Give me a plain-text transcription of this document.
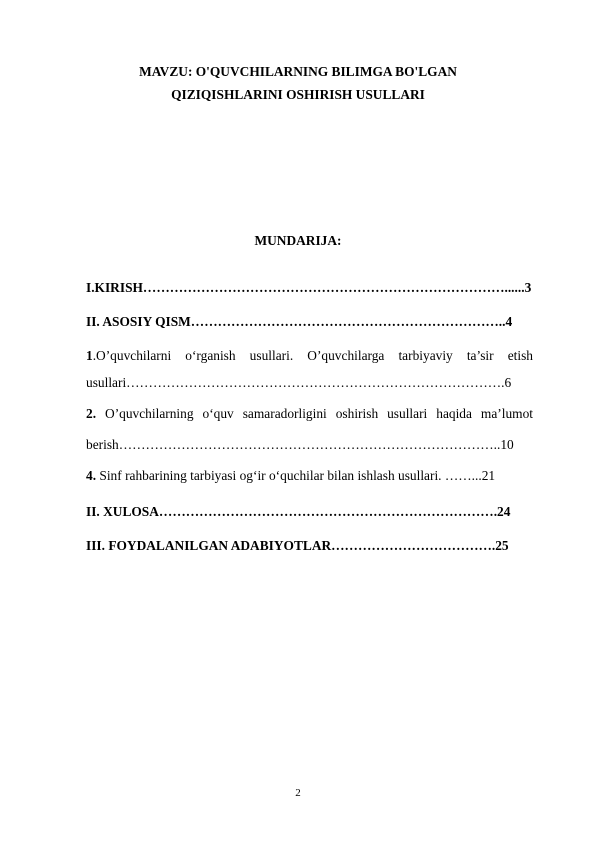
MAVZU: O'QUVCHILARNING BILIMGA BO'LGAN
QIZIQISHLARINI OSHIRISH USULLARI
MUNDARIJA:
I.KIRISH………………………………………………………………………......3
II. ASOSIY QISM……………………………………………………………..4
1.O’quvchilarni o‘rganish usullari. O’quvchilarga tarbiyaviy ta’sir etish
usullari………………………………………………………………………….6
2. O’quvchilarning o‘quv samaradorligini oshirish usullari haqida ma’lumot
berish…………………………………………………………………………..10
4. Sinf rahbarining tarbiyasi og‘ir o‘quchilar bilan ishlash usullari. ……...21
II. XULOSA………………………………………………………………….24
III. FOYDALANILGAN ADABIYOTLAR……………………………….25
2
